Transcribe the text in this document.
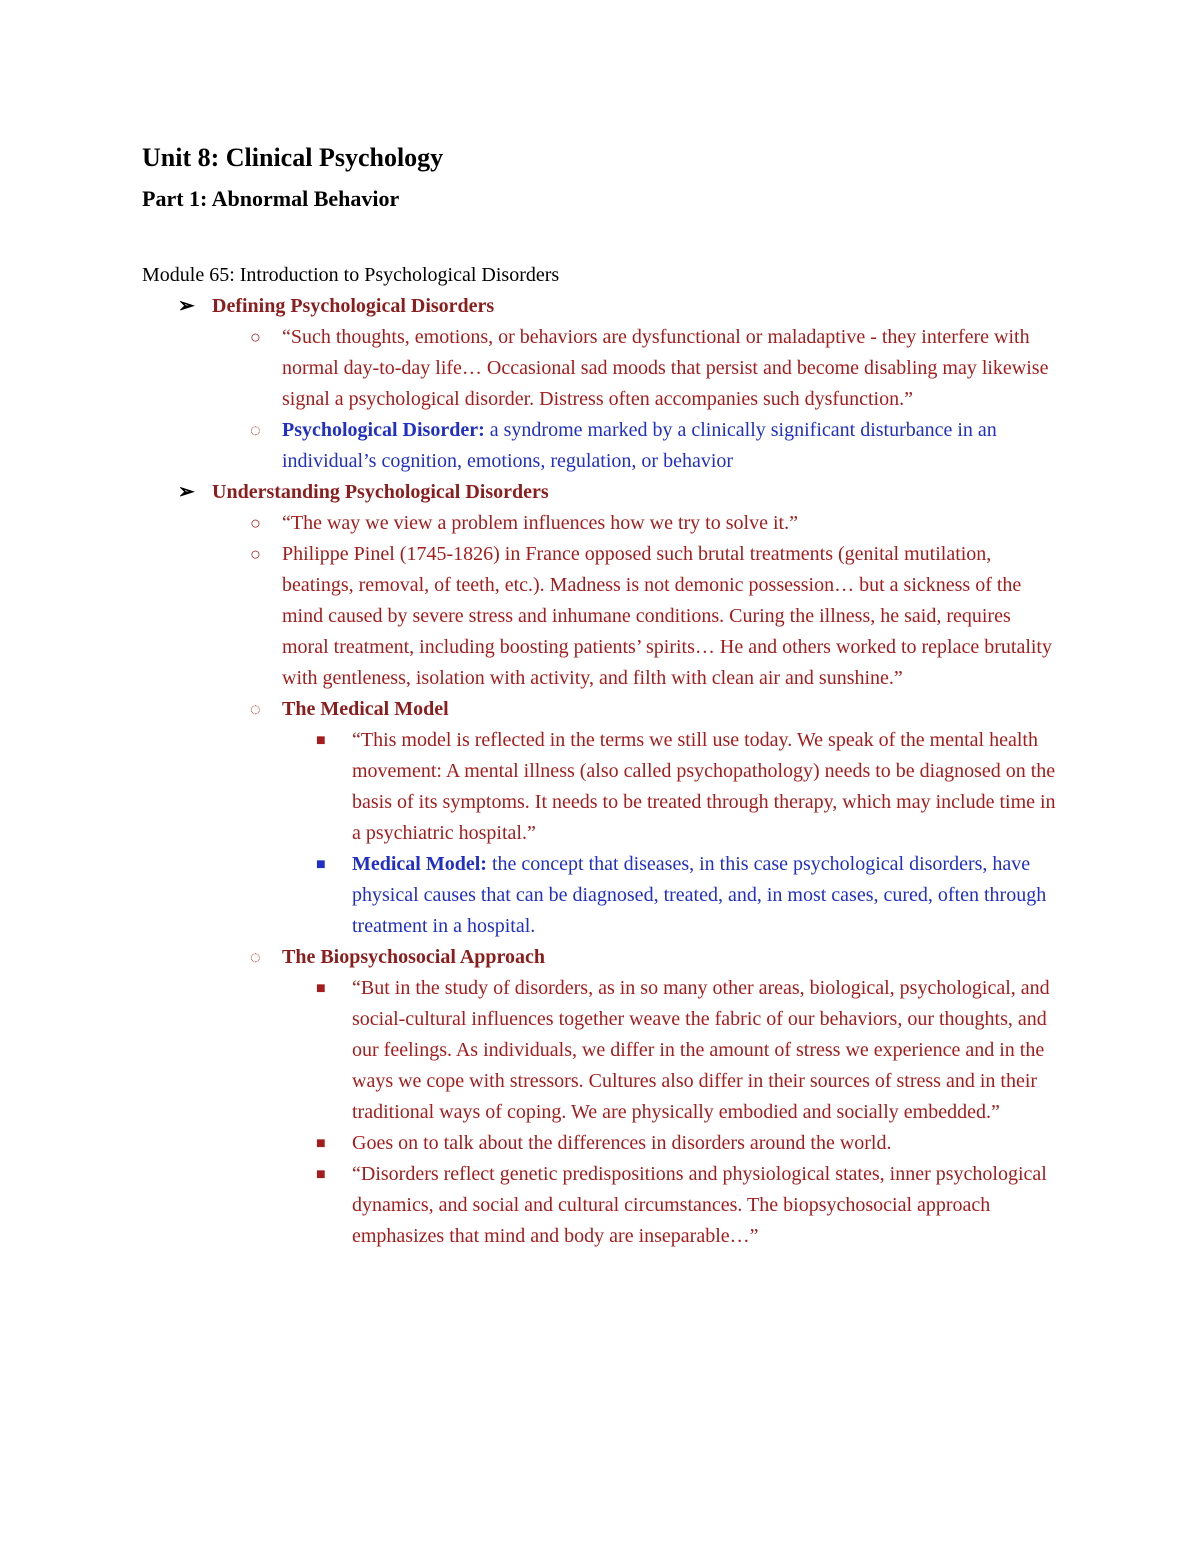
Unit 8: Clinical Psychology
Part 1: Abnormal Behavior
Module 65: Introduction to Psychological Disorders
➢ Defining Psychological Disorders
○ “Such thoughts, emotions, or behaviors are dysfunctional or maladaptive - they interfere with normal day-to-day life… Occasional sad moods that persist and become disabling may likewise signal a psychological disorder. Distress often accompanies such dysfunction.”
◌ Psychological Disorder: a syndrome marked by a clinically significant disturbance in an individual’s cognition, emotions, regulation, or behavior
➢ Understanding Psychological Disorders
○ “The way we view a problem influences how we try to solve it.”
○ Philippe Pinel (1745-1826) in France opposed such brutal treatments (genital mutilation, beatings, removal, of teeth, etc.). Madness is not demonic possession… but a sickness of the mind caused by severe stress and inhumane conditions. Curing the illness, he said, requires moral treatment, including boosting patients’ spirits… He and others worked to replace brutality with gentleness, isolation with activity, and filth with clean air and sunshine.”
◌ The Medical Model
■ “This model is reflected in the terms we still use today. We speak of the mental health movement: A mental illness (also called psychopathology) needs to be diagnosed on the basis of its symptoms. It needs to be treated through therapy, which may include time in a psychiatric hospital.”
■ Medical Model: the concept that diseases, in this case psychological disorders, have physical causes that can be diagnosed, treated, and, in most cases, cured, often through treatment in a hospital.
◌ The Biopsychosocial Approach
■ “But in the study of disorders, as in so many other areas, biological, psychological, and social-cultural influences together weave the fabric of our behaviors, our thoughts, and our feelings. As individuals, we differ in the amount of stress we experience and in the ways we cope with stressors. Cultures also differ in their sources of stress and in their traditional ways of coping. We are physically embodied and socially embedded.”
■ Goes on to talk about the differences in disorders around the world.
■ “Disorders reflect genetic predispositions and physiological states, inner psychological dynamics, and social and cultural circumstances. The biopsychosocial approach emphasizes that mind and body are inseparable…”
